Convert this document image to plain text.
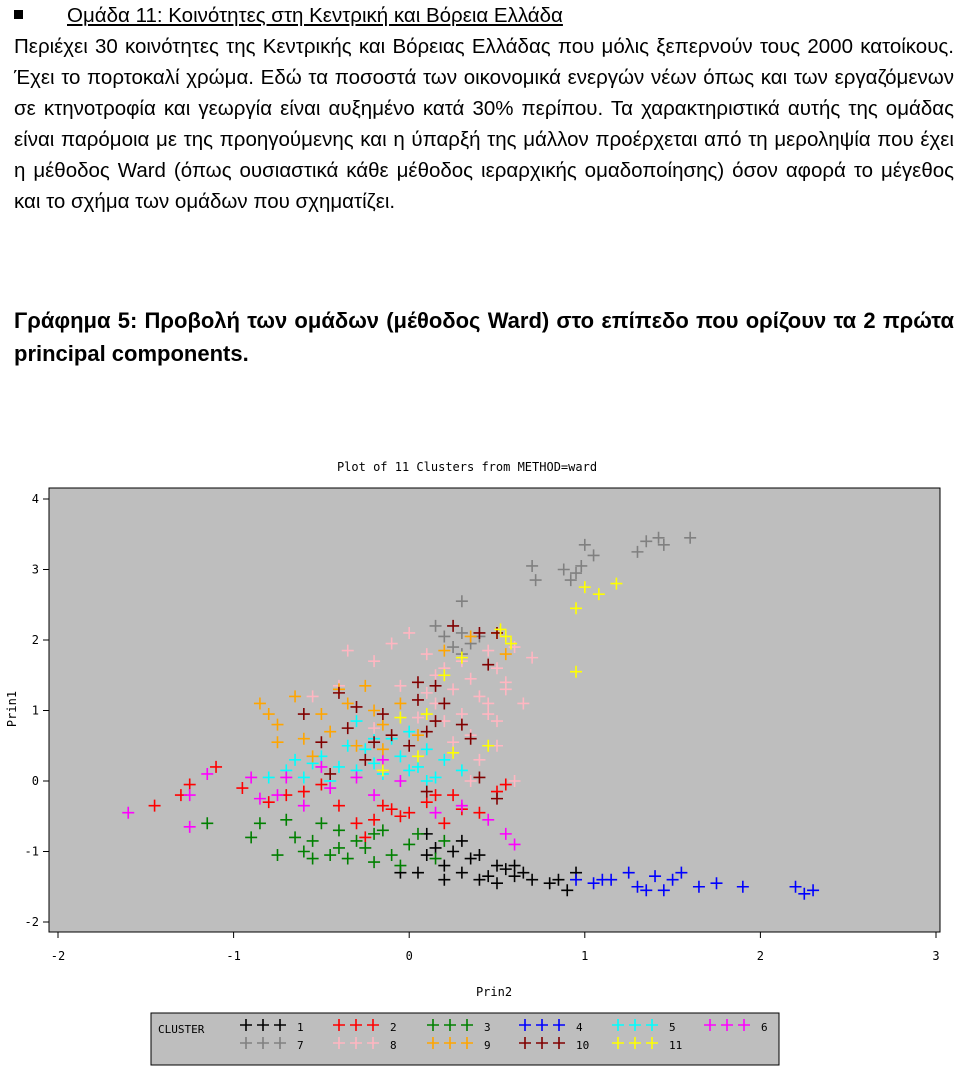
Ομάδα 11: Κοινότητες στη Κεντρική και Βόρεια Ελλάδα
Περιέχει 30 κοινότητες της Κεντρικής και Βόρειας Ελλάδας που μόλις ξεπερνούν τους 2000 κατοίκους. Έχει το πορτοκαλί χρώμα. Εδώ τα ποσοστά των οικονομικά ενεργών νέων όπως και των εργαζόμενων σε κτηνοτροφία και γεωργία είναι αυξημένο κατά 30% περίπου. Τα χαρακτηριστικά αυτής της ομάδας είναι παρόμοια με της προηγούμενης και η ύπαρξή της μάλλον προέρχεται από τη μεροληψία που έχει η μέθοδος Ward (όπως ουσιαστικά κάθε μέθοδος ιεραρχικής ομαδοποίησης) όσον αφορά το μέγεθος και το σχήμα των ομάδων που σχηματίζει.
Γράφημα 5: Προβολή των ομάδων (μέθοδος Ward) στο επίπεδο που ορίζουν τα 2 πρώτα principal components.
Plot of 11 Clusters from METHOD=ward
-2
-1
0
1
2
3
4
-2	-1	0	1	2	3
Prin2
Prin1
CLUSTER	1	2	3	4	5	6
7	8	9	10	11
